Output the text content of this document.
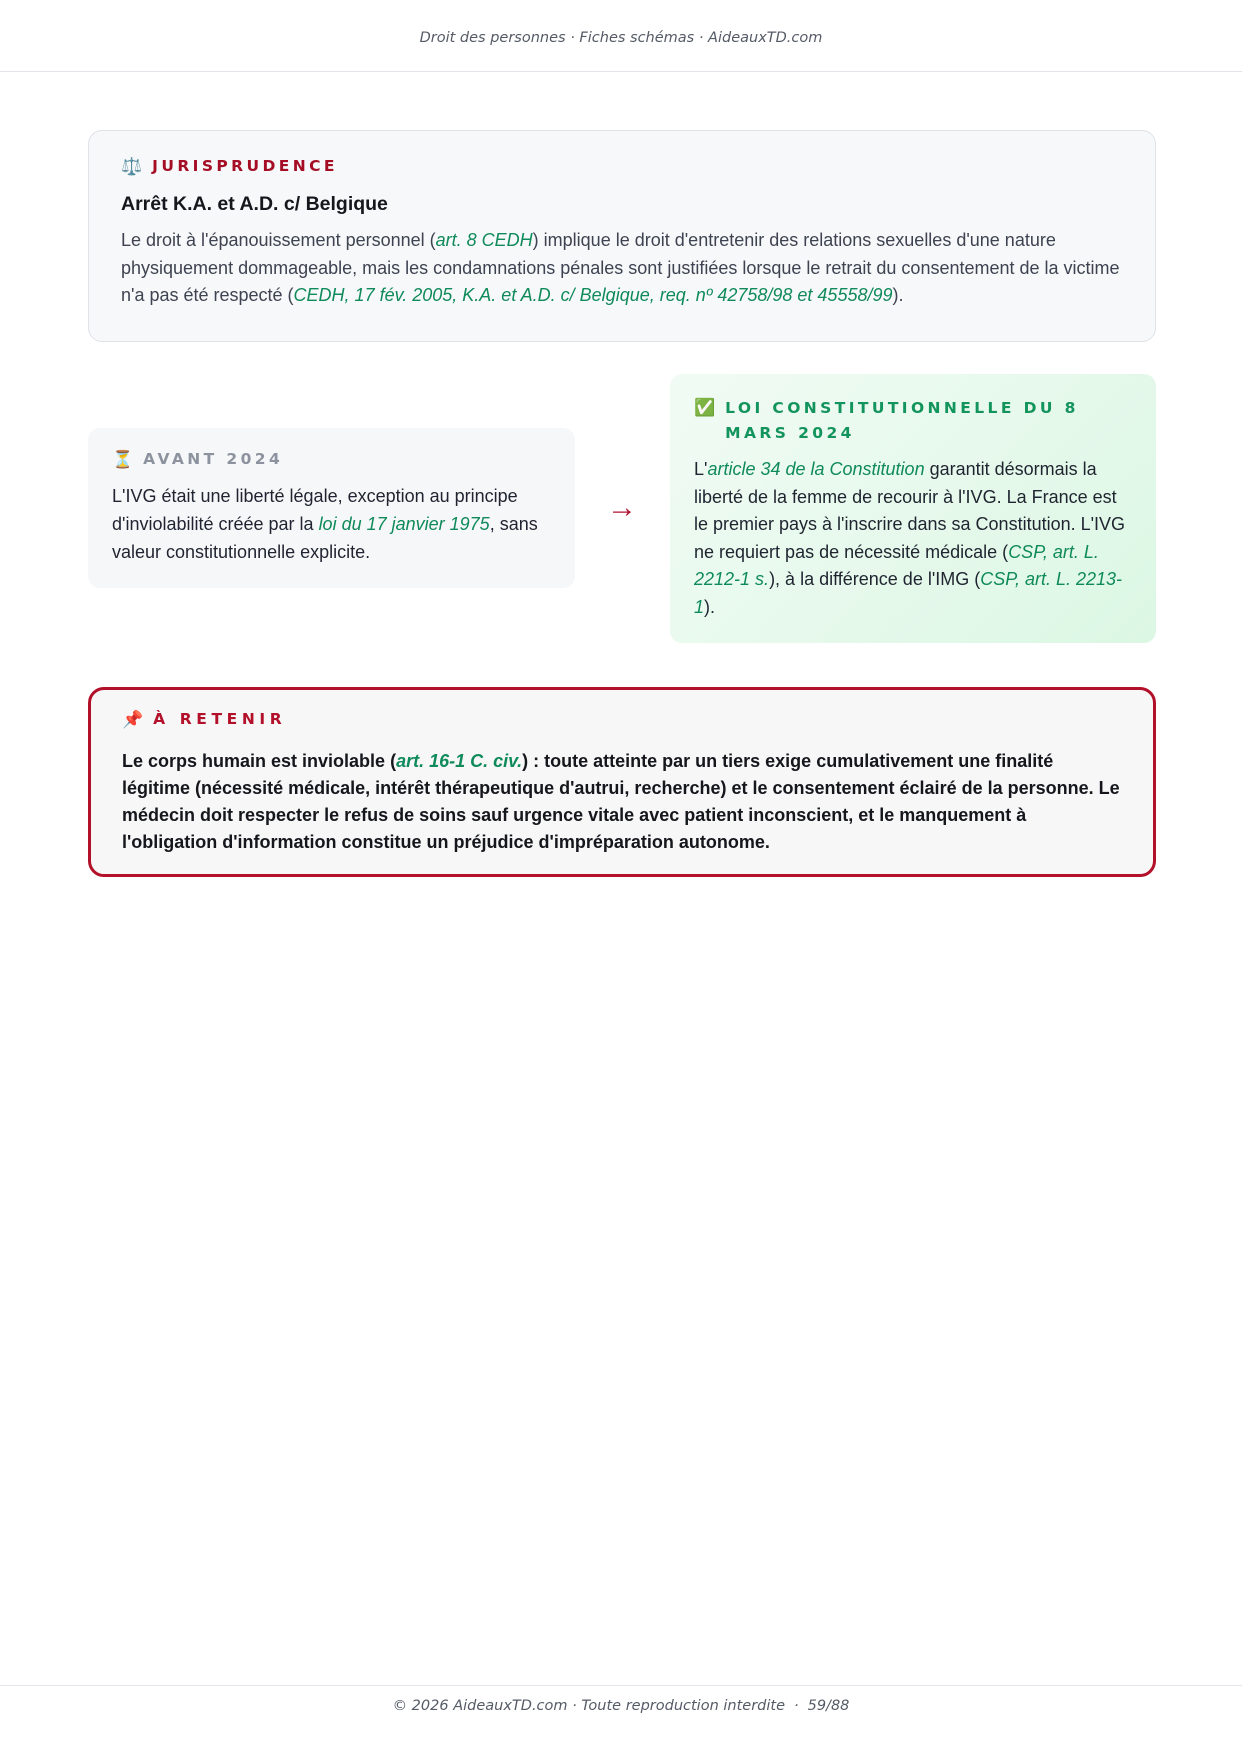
Droit des personnes · Fiches schémas · AideauxTD.com
⚖️ JURISPRUDENCE
Arrêt K.A. et A.D. c/ Belgique

Le droit à l'épanouissement personnel (art. 8 CEDH) implique le droit d'entretenir des relations sexuelles d'une nature physiquement dommageable, mais les condamnations pénales sont justifiées lorsque le retrait du consentement de la victime n'a pas été respecté (CEDH, 17 fév. 2005, K.A. et A.D. c/ Belgique, req. nº 42758/98 et 45558/99).

⏳ AVANT 2024

L'IVG était une liberté légale, exception au principe d'inviolabilité créée par la loi du 17 janvier 1975, sans valeur constitutionnelle explicite.

→
✅ LOI CONSTITUTIONNELLE DU 8 MARS 2024

L'article 34 de la Constitution garantit désormais la liberté de la femme de recourir à l'IVG. La France est le premier pays à l'inscrire dans sa Constitution. L'IVG ne requiert pas de nécessité médicale (CSP, art. L. 2212-1 s.), à la différence de l'IMG (CSP, art. L. 2213-1).

📌 À RETENIR

Le corps humain est inviolable (art. 16-1 C. civ.) : toute atteinte par un tiers exige cumulativement une finalité légitime (nécessité médicale, intérêt thérapeutique d'autrui, recherche) et le consentement éclairé de la personne. Le médecin doit respecter le refus de soins sauf urgence vitale avec patient inconscient, et le manquement à l'obligation d'information constitue un préjudice d'impréparation autonome.

© 2026 AideauxTD.com · Toute reproduction interdite · 59/88
